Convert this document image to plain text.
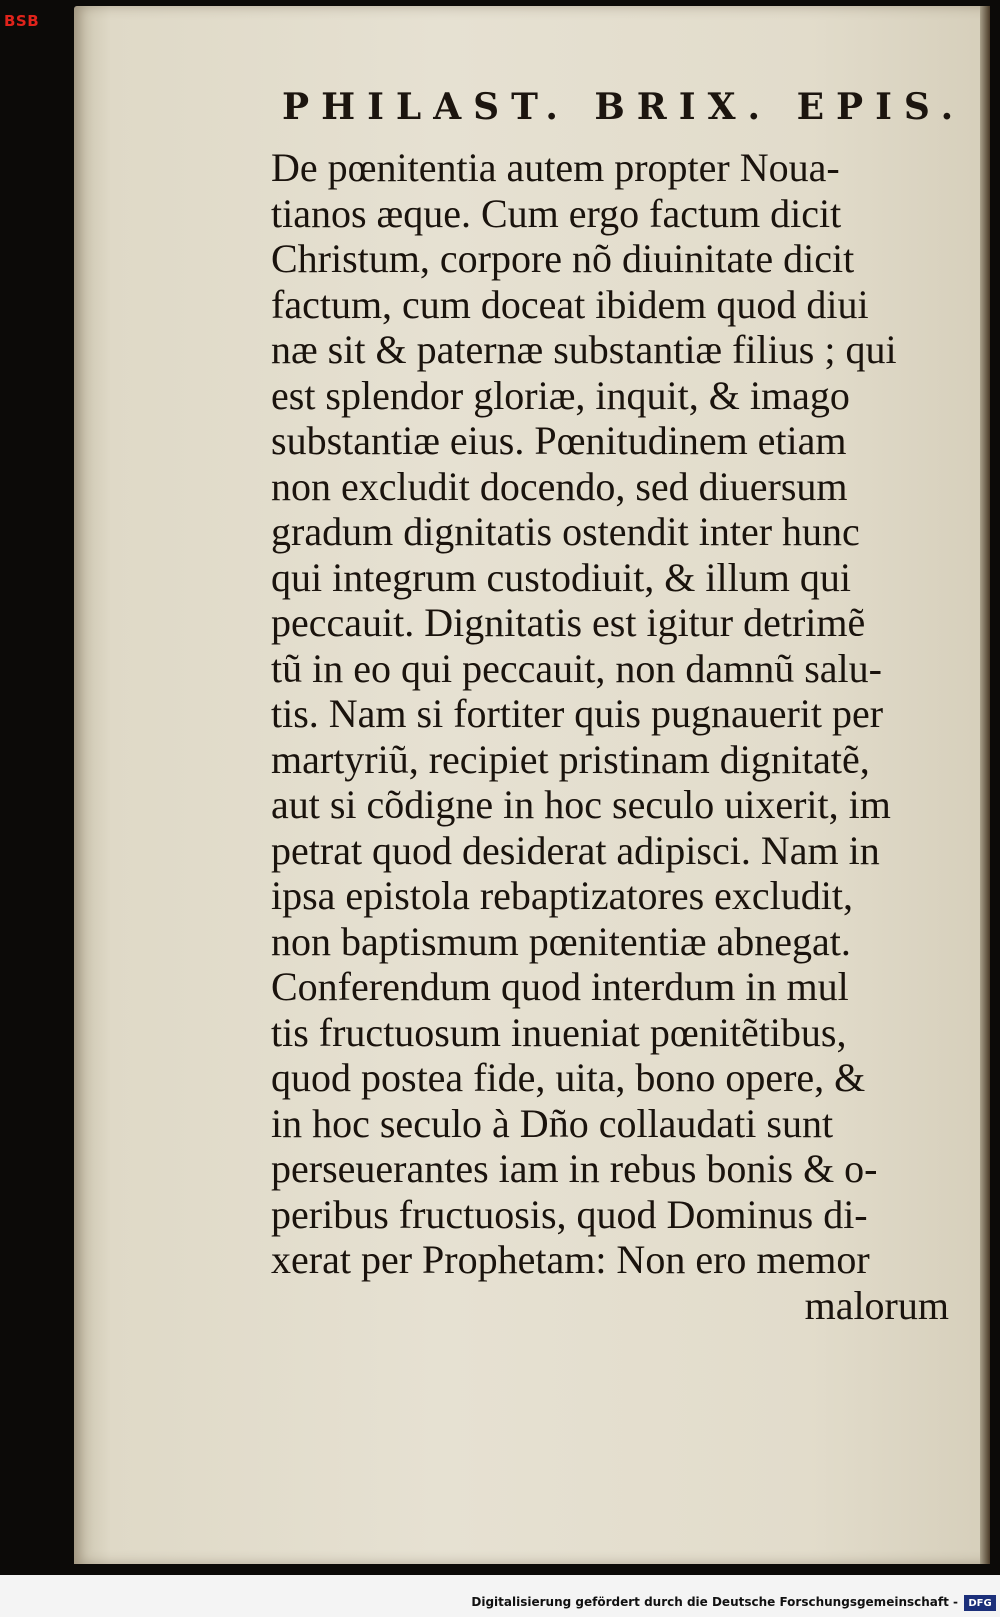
BSB
PHILAST. BRIX. EPIS.
De pœnitentia autem propter Noua-
tianos æque. Cum ergo factum dicit
Christum, corpore nõ diuinitate dicit
factum, cum doceat ibidem quod diui
næ sit & paternæ substantiæ filius ; qui
est splendor gloriæ, inquit, & imago
substantiæ eius. Pœnitudinem etiam
non excludit docendo, sed diuersum
gradum dignitatis ostendit inter hunc
qui integrum custodiuit, & illum qui
peccauit. Dignitatis est igitur detrimẽ
tũ in eo qui peccauit, non damnũ salu-
tis. Nam si fortiter quis pugnauerit per
martyriũ, recipiet pristinam dignitatẽ,
aut si cõdigne in hoc seculo uixerit, im
petrat quod desiderat adipisci. Nam in
ipsa epistola rebaptizatores excludit,
non baptismum pœnitentiæ abnegat.
Conferendum quod interdum in mul
tis fructuosum inueniat pœnitẽtibus,
quod postea fide, uita, bono opere, &
in hoc seculo à Dño collaudati sunt
perseuerantes iam in rebus bonis & o-
peribus fructuosis, quod Dominus di-
xerat per Prophetam: Non ero memor
malorum
Digitalisierung gefördert durch die Deutsche Forschungsgemeinschaft -	DFG
